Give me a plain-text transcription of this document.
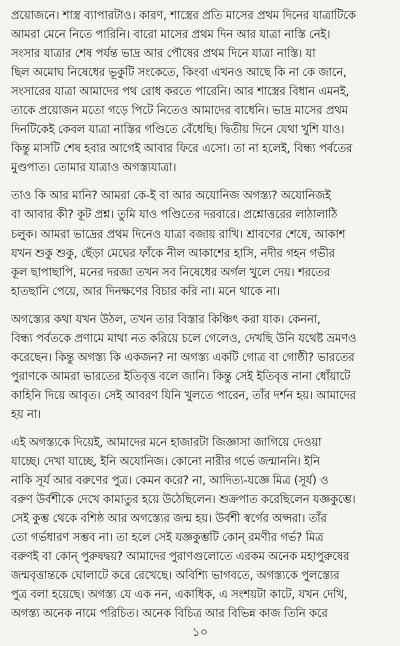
প্রয়োজনে। শাস্ত্র ব্যাপারটাও। কারণ, শাস্ত্রের প্রতি মাসের প্রথম দিনের যাত্রাটিকে
আমরা মেনে নিতে পারিনি। বারো মাসের প্রথম দিন আর যাত্রা নাস্তি নেই।
সংসার যাত্রার শেষ পর্যন্ত ভাদ্র আর পৌষের প্রথম দিনে যাত্রা নাস্তি। যা
ছিল অমোঘ নিষেধের ভূকুটি সংকেতে, কিংবা এখনও আছে কি না কে জানে,
সংসারের যাত্রা আমাদের পথ রোধ করতে পারেনি। আর শাস্ত্রের বিধান এমনই,
তাকে প্রয়োজন মতো গড়ে পিটে নিতেও আমাদের বাধেনি। ভাদ্র মাসের প্রথম
দিনটিকেই কেবল যাত্রা নাস্তির গণ্ডিতে বেঁধেছি। দ্বিতীয় দিনে যেথা খুশি যাও।
কিন্তু মাসটি শেষ হবার আগেই আবার ফিরে এসো। তা না হলেই, বিন্ধ্য পর্বতের
মুণ্ডপাত। তোমার যাত্রাও অগস্ত্যযাত্রা।
তাও কি আর মানি? আমরা কে-ই বা আর অযোনিজ অগস্ত্য? অযোনিজই
বা আবার কী? কূট প্রশ্ন। তুমি যাও পণ্ডিতের দরবারে। প্রশ্নোত্তরের লাঠালাঠি
চলুক। আমরা ভাদ্রের প্রথম দিনেও যাত্রা বজায় রাখি। শ্রাবণের শেষে, আকাশ
যখন শুকু শুকু, ছেঁড়া মেঘের ফাঁকে নীল আকাশের হাসি, নদীর গহন গভীর
কূল ছাপাছাপি, মনের দরজা তখন সব নিষেধের অর্গল খুলে দেয়। শরতের
হাতছানি পেয়ে, আর দিনক্ষণের বিচার করি না। মনে থাকে না।
অগস্ত্যের কথা যখন উঠল, তখন তার বিস্তার কিঞ্চিৎ করা যাক। কেননা,
বিন্ধ্য পর্বতকে প্রণামে মাথা নত করিয়ে চলে গেলেও, দেখছি উনি যথেষ্ট ভ্রমণও
করেছেন। কিন্তু অগস্ত্য কি একজন? না অগস্ত্য একটি গোত্র বা গোষ্ঠী? ভারতের
পুরাণকে আমরা ভারতের ইতিবৃত্ত বলে জানি। কিন্তু সেই ইতিবৃত্ত নানা ধোঁয়াটে
কাহিনি দিয়ে আবৃত। সেই আবরণ যিনি খুলতে পারেন, তাঁর দর্শন হয়। আমাদের
হয় না।
এই অগস্ত্যকে দিয়েই, আমাদের মনে হাজারটা জিজ্ঞাসা জাগিয়ে দেওয়া
যাচ্ছে। দেখা যাচ্ছে, ইনি অযোনিজ। কোনো নারীর গর্ভে জন্মাননি। ইনি
নাকি সূর্য আর বরুণের পুত্র। কেমন করে? না, আদিত্য-যজ্ঞে মিত্র (সূর্য) ও
বরুণ উর্বশীকে দেখে কামাতুর হয়ে উঠেছিলেন। শুক্রপাত করেছিলেন যজ্ঞকুম্ভে।
সেই কুম্ভ থেকে বশিষ্ঠ আর অগস্ত্যের জন্ম হয়। উর্বশী স্বর্গের অপ্সরা। তাঁর
তো গর্ভধারণ সম্ভব না। তা হলে সেই যজ্ঞকুম্ভটি কোন্ রমণীর গর্ভ? মিত্র
বরুণই বা কোন্ পুরুষদ্বয়? আমাদের পুরাণগুলোতে এরকম অনেক মহাপুরুষের
জন্মবৃত্তান্তকে ঘোলাটে করে রেখেছে। অবিশ্যি ভাগবতে, অগস্ত্যকে পুলস্ত্যের
পুত্র বলা হয়েছে। অগস্ত্য যে এক নন, একাধিক, এ সংশয়টা কাটে, যখন দেখি,
অগস্ত্য অনেক নামে পরিচিত। অনেক বিচিত্র আর বিভিন্ন কাজ তিনি করে
১০
